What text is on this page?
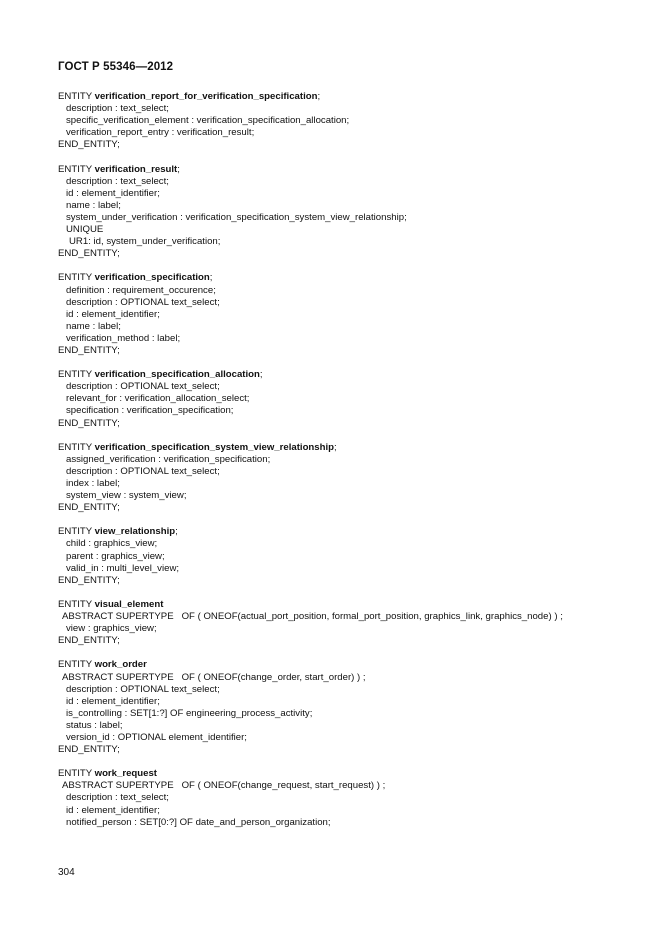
ГОСТ Р 55346—2012
ENTITY verification_report_for_verification_specification;
description : text_select;
specific_verification_element : verification_specification_allocation;
verification_report_entry : verification_result;
END_ENTITY;
ENTITY verification_result;
description : text_select;
id : element_identifier;
name : label;
system_under_verification : verification_specification_system_view_relationship;
UNIQUE
UR1: id, system_under_verification;
END_ENTITY;
ENTITY verification_specification;
definition : requirement_occurence;
description : OPTIONAL text_select;
id : element_identifier;
name : label;
verification_method : label;
END_ENTITY;
ENTITY verification_specification_allocation;
description : OPTIONAL text_select;
relevant_for : verification_allocation_select;
specification : verification_specification;
END_ENTITY;
ENTITY verification_specification_system_view_relationship;
assigned_verification : verification_specification;
description : OPTIONAL text_select;
index : label;
system_view : system_view;
END_ENTITY;
ENTITY view_relationship;
child : graphics_view;
parent : graphics_view;
valid_in : multi_level_view;
END_ENTITY;
ENTITY visual_element
ABSTRACT SUPERTYPE   OF ( ONEOF(actual_port_position, formal_port_position, graphics_link, graphics_node) ) ;
view : graphics_view;
END_ENTITY;
ENTITY work_order
ABSTRACT SUPERTYPE   OF ( ONEOF(change_order, start_order) ) ;
description : OPTIONAL text_select;
id : element_identifier;
is_controlling : SET[1:?] OF engineering_process_activity;
status : label;
version_id : OPTIONAL element_identifier;
END_ENTITY;
ENTITY work_request
ABSTRACT SUPERTYPE   OF ( ONEOF(change_request, start_request) ) ;
description : text_select;
id : element_identifier;
notified_person : SET[0:?] OF date_and_person_organization;
304
